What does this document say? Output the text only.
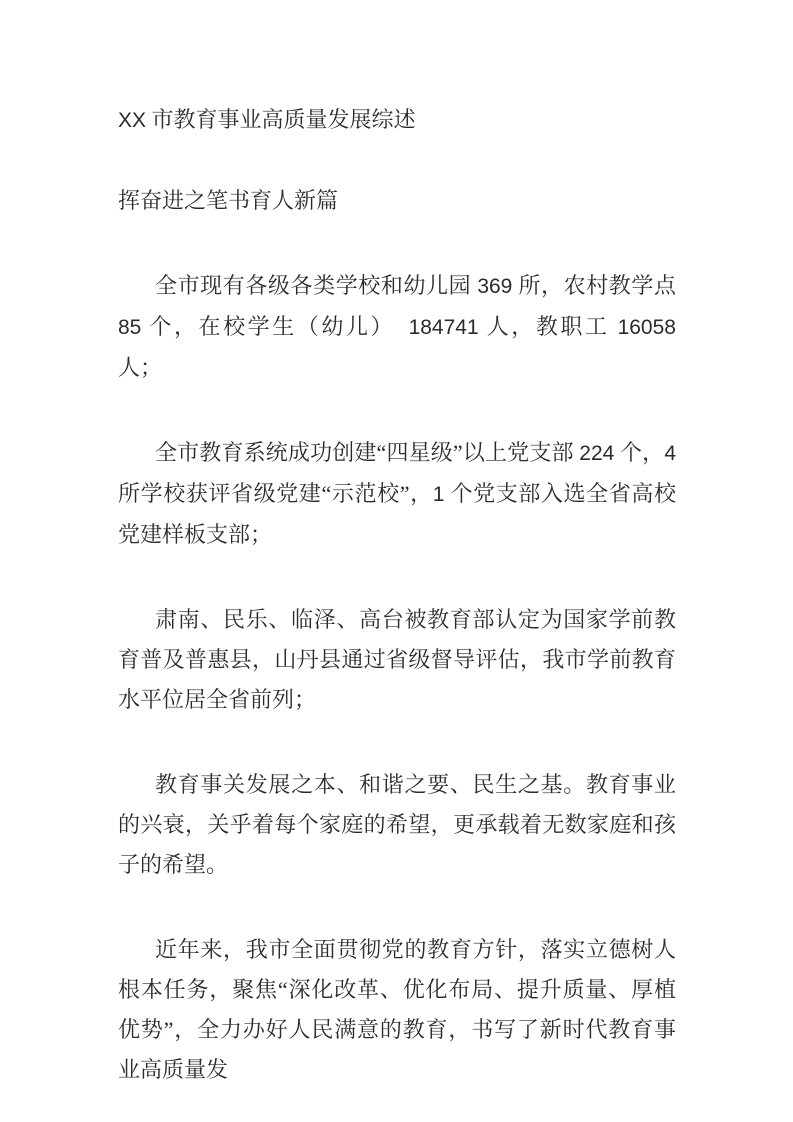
XX 市教育事业高质量发展综述

挥奋进之笔书育人新篇

全市现有各级各类学校和幼儿园 369 所，农村教学点 85 个，在校学生（幼儿）　184741 人，教职工 16058 人；

全市教育系统成功创建“四星级”以上党支部 224 个，4 所学校获评省级党建“示范校”，1 个党支部入选全省高校党建样板支部；

肃南、民乐、临泽、高台被教育部认定为国家学前教育普及普惠县，山丹县通过省级督导评估，我市学前教育水平位居全省前列；

教育事关发展之本、和谐之要、民生之基。教育事业的兴衰，关乎着每个家庭的希望，更承载着无数家庭和孩子的希望。

近年来，我市全面贯彻党的教育方针，落实立德树人根本任务，聚焦“深化改革、优化布局、提升质量、厚植优势”，全力办好人民满意的教育，书写了新时代教育事业高质量发
